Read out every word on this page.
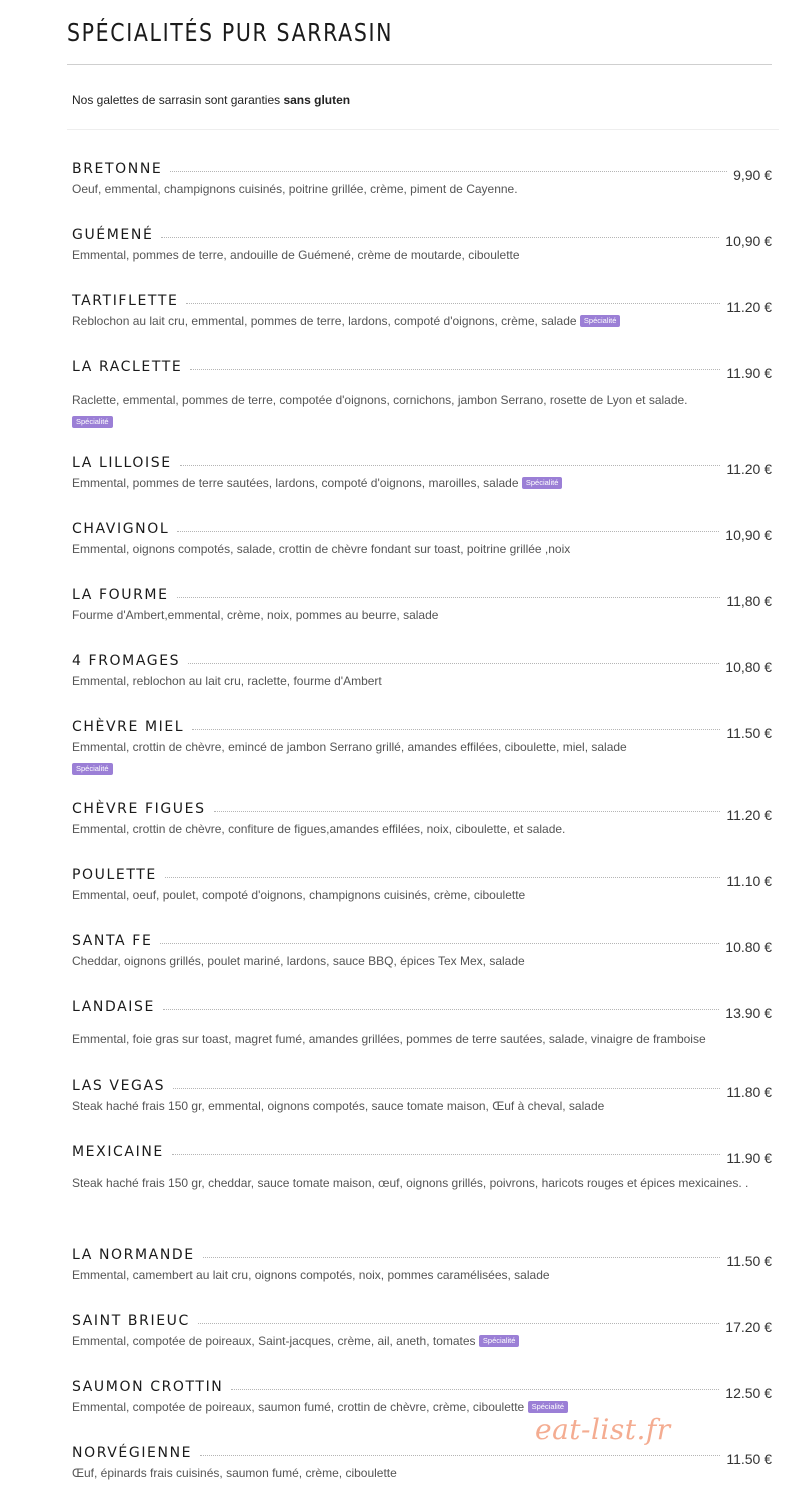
SPÉCIALITÉS PUR SARRASIN
Nos galettes de sarrasin sont garanties sans gluten
BRETONNE	9,90 €
Oeuf, emmental, champignons cuisinés, poitrine grillée, crème, piment de Cayenne.
GUÉMENÉ	10,90 €
Emmental, pommes de terre, andouille de Guémené, crème de moutarde, ciboulette
TARTIFLETTE	11.20 €
Reblochon au lait cru, emmental, pommes de terre, lardons, compoté d'oignons, crème, salade Spécialité
LA RACLETTE	11.90 €
Raclette, emmental, pommes de terre, compotée d'oignons, cornichons, jambon Serrano, rosette de Lyon et salade.
Spécialité
LA LILLOISE	11.20 €
Emmental, pommes de terre sautées, lardons, compoté d'oignons, maroilles, salade Spécialité
CHAVIGNOL	10,90 €
Emmental, oignons compotés, salade, crottin de chèvre fondant sur toast, poitrine grillée ,noix
LA FOURME	11,80 €
Fourme d'Ambert,emmental, crème, noix, pommes au beurre, salade
4 FROMAGES	10,80 €
Emmental, reblochon au lait cru, raclette, fourme d'Ambert
CHÈVRE MIEL	11.50 €
Emmental, crottin de chèvre, emincé de jambon Serrano grillé, amandes effilées, ciboulette, miel, salade
Spécialité
CHÈVRE FIGUES	11.20 €
Emmental, crottin de chèvre, confiture de figues,amandes effilées, noix, ciboulette, et salade.
POULETTE	11.10 €
Emmental, oeuf, poulet, compoté d'oignons, champignons cuisinés, crème, ciboulette
SANTA FE	10.80 €
Cheddar, oignons grillés, poulet mariné, lardons, sauce BBQ, épices Tex Mex, salade
LANDAISE	13.90 €
Emmental, foie gras sur toast, magret fumé, amandes grillées, pommes de terre sautées, salade, vinaigre de framboise
LAS VEGAS	11.80 €
Steak haché frais 150 gr, emmental, oignons compotés, sauce tomate maison, Œuf à cheval, salade
MEXICAINE	11.90 €
Steak haché frais 150 gr, cheddar, sauce tomate maison, œuf, oignons grillés, poivrons, haricots rouges et épices mexicaines. .
LA NORMANDE	11.50 €
Emmental, camembert au lait cru, oignons compotés, noix, pommes caramélisées, salade
SAINT BRIEUC	17.20 €
Emmental, compotée de poireaux, Saint-jacques, crème, ail, aneth, tomates Spécialité
SAUMON CROTTIN	12.50 €
Emmental, compotée de poireaux, saumon fumé, crottin de chèvre, crème, ciboulette Spécialité
NORVÉGIENNE	11.50 €
Œuf, épinards frais cuisinés, saumon fumé, crème, ciboulette
eat-list.fr
